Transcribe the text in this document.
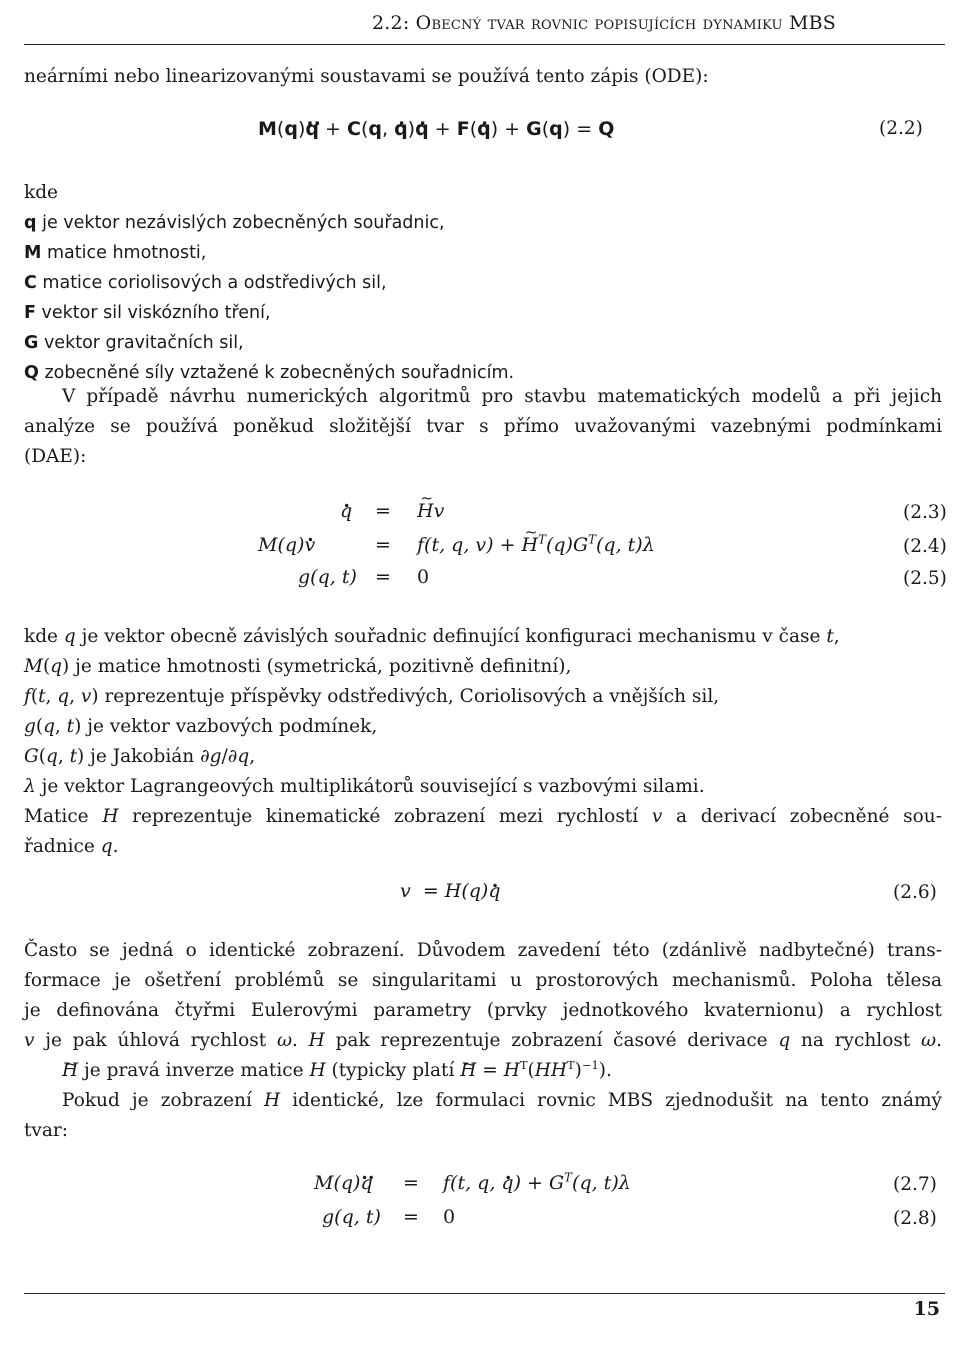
2.2: Obecný tvar rovnic popisujících dynamiku MBS
neárními nebo linearizovanými soustavami se používá tento zápis (ODE):
M(q)q .. + C(q, q .)q . + F(q .) + G(q) = Q	(2.2)
kde
q je vektor nezávislých zobecněných souřadnic,
M matice hmotnosti,
C matice coriolisových a odstředivých sil,
F vektor sil viskózního tření,
G vektor gravitačních sil,
Q zobecněné síly vztažené k zobecněných souřadnicím.
V případě návrhu numerických algoritmů pro stavbu matematických modelů a při jejich
analýze se používá poněkud složitější tvar s přímo uvažovanými vazebnými podmínkami
(DAE):
q . = H ~v	(2.3)
M(q)v .	= f(t, q, v) + H $\sim^T(q)G^T(q$, t)λ	(2.4)
g(q, t) = 0	(2.5)
kde q je vektor obecně závislých souřadnic definující konfiguraci mechanismu v čase t,
M(q) je matice hmotnosti (symetrická, pozitivně definitní),
f(t, q, v) reprezentuje příspěvky odstředivých, Coriolisových a vnějších sil,
g(q, t) je vektor vazbových podmínek,
G(q, t) je Jakobián ∂g/∂q,
λ je vektor Lagrangeových multiplikátorů související s vazbovými silami.
Matice H reprezentuje kinematické zobrazení mezi rychlostí v a derivací zobecněné sou-
řadnice q.
v  = H(q)q .	(2.6)
Často se jedná o identické zobrazení. Důvodem zavedení této (zdánlivě nadbytečné) trans-
formace je ošetření problémů se singularitami u prostorových mechanismů. Poloha tělesa
je definována čtyřmi Eulerovými parametry (prvky jednotkového kvaternionu) a rychlost
v je pak úhlová rychlost ω. H pak reprezentuje zobrazení časové derivace q na rychlost ω.
H ~ je pravá inverze matice H (typicky platí H ~ = $H^T(HH^T)^{-1}$).
Pokud je zobrazení H identické, lze formulaci rovnic MBS zjednodušit na tento známý
tvar:
M(q)q .. = f(t, q, q .) + $G^T(q$, t)λ	(2.7)
g(q, t) = 0	(2.8)
15
